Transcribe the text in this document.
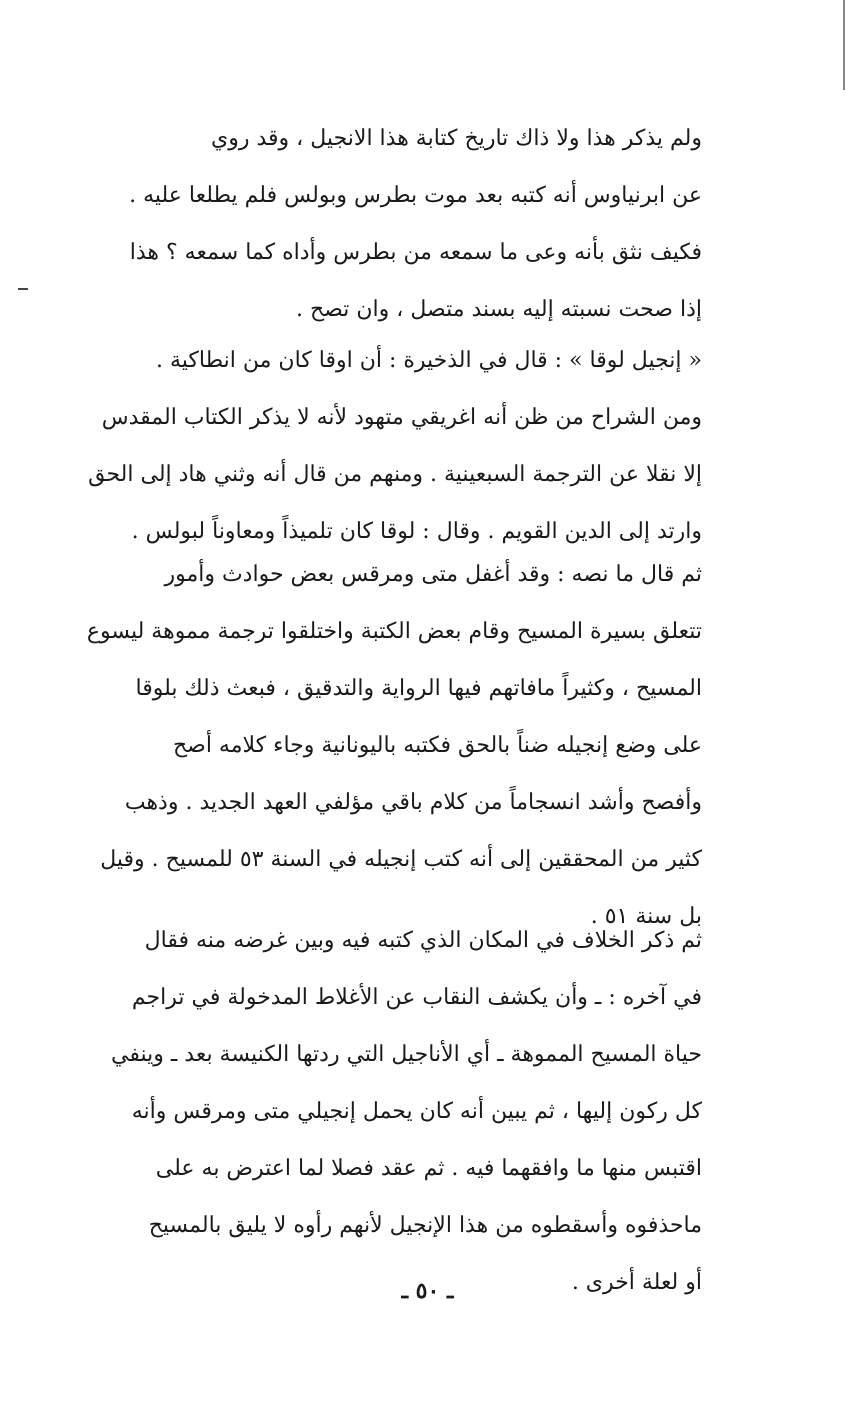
ولم يذكر هذا ولا ذاك تاريخ كتابة هذا الانجيل ، وقد روي
عن ابرنياوس أنه كتبه بعد موت بطرس وبولس فلم يطلعا عليه .
فكيف نثق بأنه وعى ما سمعه من بطرس وأداه كما سمعه ؟ هذا
إذا صحت نسبته إليه بسند متصل ، وان تصح .
« إنجيل لوقا » : قال في الذخيرة : أن اوقا كان من انطاكية .
ومن الشراح من ظن أنه اغريقي متهود لأنه لا يذكر الكتاب المقدس
إلا نقلا عن الترجمة السبعينية . ومنهم من قال أنه وثني هاد إلى الحق
وارتد إلى الدين القويم . وقال : لوقا كان تلميذاً ومعاوناً لبولس .
ثم قال ما نصه : وقد أغفل متى ومرقس بعض حوادث وأمور
تتعلق بسيرة المسيح وقام بعض الكتبة واختلقوا ترجمة مموهة ليسوع
المسيح ، وكثيراً مافاتهم فيها الرواية والتدقيق ، فبعث ذلك بلوقا
على وضع إنجيله ضناً بالحق فكتبه باليونانية وجاء كلامه أصح
وأفصح وأشد انسجاماً من كلام باقي مؤلفي العهد الجديد . وذهب
كثير من المحققين إلى أنه كتب إنجيله في السنة ٥٣ للمسيح . وقيل
بل سنة ٥١ .
ثم ذكر الخلاف في المكان الذي كتبه فيه وبين غرضه منه فقال
في آخره : ـ وأن يكشف النقاب عن الأغلاط المدخولة في تراجم
حياة المسيح المموهة ـ أي الأناجيل التي ردتها الكنيسة بعد ـ وينفي
كل ركون إليها ، ثم يبين أنه كان يحمل إنجيلي متى ومرقس وأنه
اقتبس منها ما وافقهما فيه . ثم عقد فصلا لما اعترض به على
ماحذفوه وأسقطوه من هذا الإنجيل لأنهم رأوه لا يليق بالمسيح
أو لعلة أخرى .
ـ ٥٠ ـ
